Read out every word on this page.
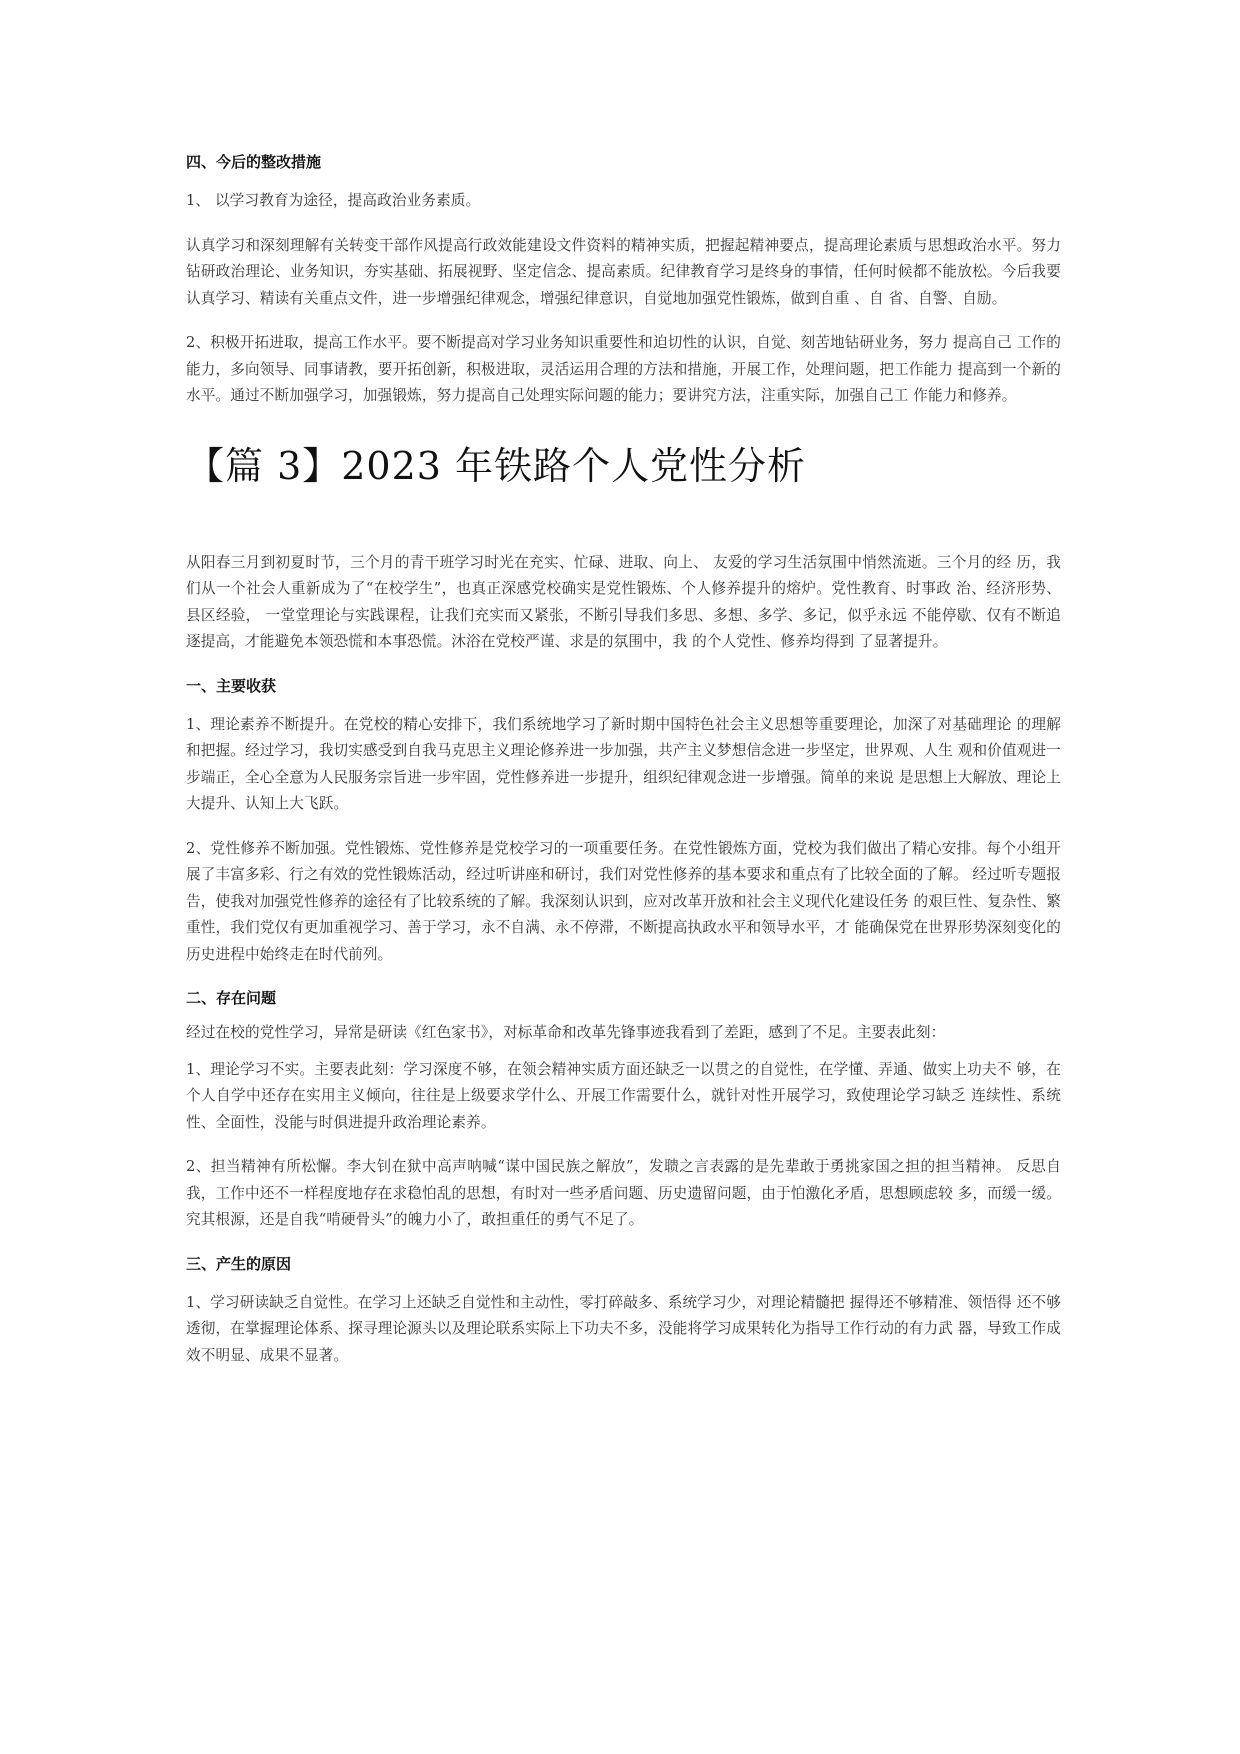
四、今后的整改措施

1、 以学习教育为途径，提高政治业务素质。

认真学习和深刻理解有关转变干部作风提高行政效能建设文件资料的精神实质，把握起精神要点，提高理论素质与思想政治水平。努力钻研政治理论、业务知识，夯实基础、拓展视野、坚定信念、提高素质。纪律教育学习是终身的事情，任何时候都不能放松。今后我要认真学习、精读有关重点文件，进一步增强纪律观念，增强纪律意识，自觉地加强党性锻炼，做到自重 、自 省、自警、自励。

2、积极开拓进取，提高工作水平。要不断提高对学习业务知识重要性和迫切性的认识，自觉、刻苦地钻研业务，努力 提高自己 工作的能力，多向领导、同事请教，要开拓创新，积极进取，灵活运用合理的方法和措施，开展工作，处理问题，把工作能力 提高到一个新的水平。通过不断加强学习，加强锻炼，努力提高自己处理实际问题的能力；要讲究方法，注重实际，加强自己工 作能力和修养。

【篇 3】2023 年铁路个人党性分析

从阳春三月到初夏时节，三个月的青干班学习时光在充实、忙碌、进取、向上、 友爱的学习生活氛围中悄然流逝。三个月的经 历，我们从一个社会人重新成为了“在校学生”，也真正深感党校确实是党性锻炼、个人修养提升的熔炉。党性教育、时事政 治、经济形势、县区经验， 一堂堂理论与实践课程，让我们充实而又紧张，不断引导我们多思、多想、多学、多记，似乎永远 不能停歇、仅有不断追逐提高，才能避免本领恐慌和本事恐慌。沐浴在党校严谨、求是的氛围中，我 的个人党性、修养均得到 了显著提升。

一、主要收获

1、理论素养不断提升。在党校的精心安排下，我们系统地学习了新时期中国特色社会主义思想等重要理论，加深了对基础理论 的理解和把握。经过学习，我切实感受到自我马克思主义理论修养进一步加强，共产主义梦想信念进一步坚定，世界观、人生 观和价值观进一步端正，全心全意为人民服务宗旨进一步牢固，党性修养进一步提升，组织纪律观念进一步增强。简单的来说 是思想上大解放、理论上大提升、认知上大飞跃。

2、党性修养不断加强。党性锻炼、党性修养是党校学习的一项重要任务。在党性锻炼方面，党校为我们做出了精心安排。每个小组开展了丰富多彩、行之有效的党性锻炼活动，经过听讲座和研讨，我们对党性修养的基本要求和重点有了比较全面的了解。 经过听专题报告，使我对加强党性修养的途径有了比较系统的了解。我深刻认识到，应对改革开放和社会主义现代化建设任务 的艰巨性、复杂性、繁重性，我们党仅有更加重视学习、善于学习，永不自满、永不停滞，不断提高执政水平和领导水平，才 能确保党在世界形势深刻变化的历史进程中始终走在时代前列。

二、存在问题

经过在校的党性学习，异常是研读《红色家书》，对标革命和改革先锋事迹我看到了差距，感到了不足。主要表此刻：

1、理论学习不实。主要表此刻：学习深度不够，在领会精神实质方面还缺乏一以贯之的自觉性，在学懂、弄通、做实上功夫不 够，在个人自学中还存在实用主义倾向，往往是上级要求学什么、开展工作需要什么，就针对性开展学习，致使理论学习缺乏 连续性、系统性、全面性，没能与时俱进提升政治理论素养。

2、担当精神有所松懈。李大钊在狱中高声呐喊“谋中国民族之解放”，发聩之言表露的是先辈敢于勇挑家国之担的担当精神。 反思自我，工作中还不一样程度地存在求稳怕乱的思想，有时对一些矛盾问题、历史遗留问题，由于怕激化矛盾，思想顾虑较 多，而缓一缓。究其根源，还是自我“啃硬骨头”的魄力小了，敢担重任的勇气不足了。

三、产生的原因

1、学习研读缺乏自觉性。在学习上还缺乏自觉性和主动性，零打碎敲多、系统学习少，对理论精髓把 握得还不够精准、领悟得 还不够透彻，在掌握理论体系、探寻理论源头以及理论联系实际上下功夫不多，没能将学习成果转化为指导工作行动的有力武 器，导致工作成效不明显、成果不显著。
